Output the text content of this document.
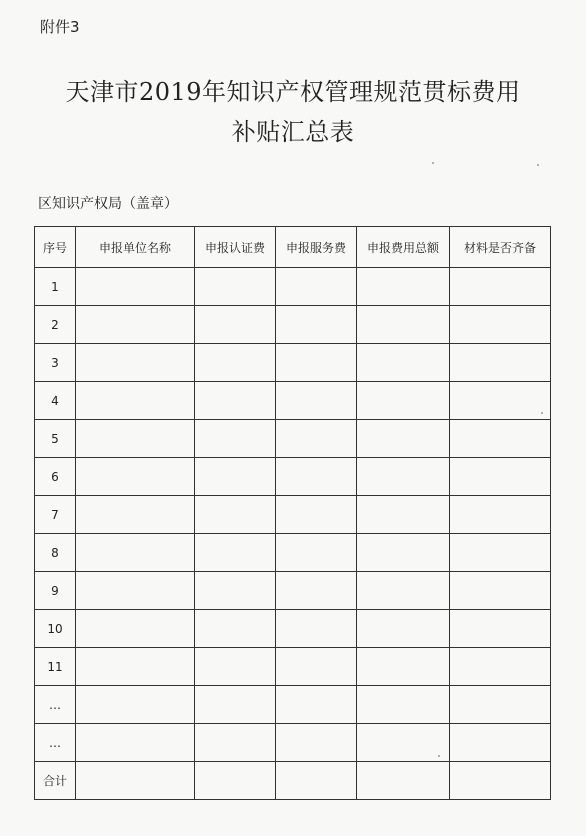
附件3
天津市2019年知识产权管理规范贯标费用
补贴汇总表
区知识产权局（盖章）
序号	申报单位名称	申报认证费	申报服务费	申报费用总额	材料是否齐备
1					
2					
3					
4					
5					
6					
7					
8					
9					
10					
11					
…					
…					
合计					
